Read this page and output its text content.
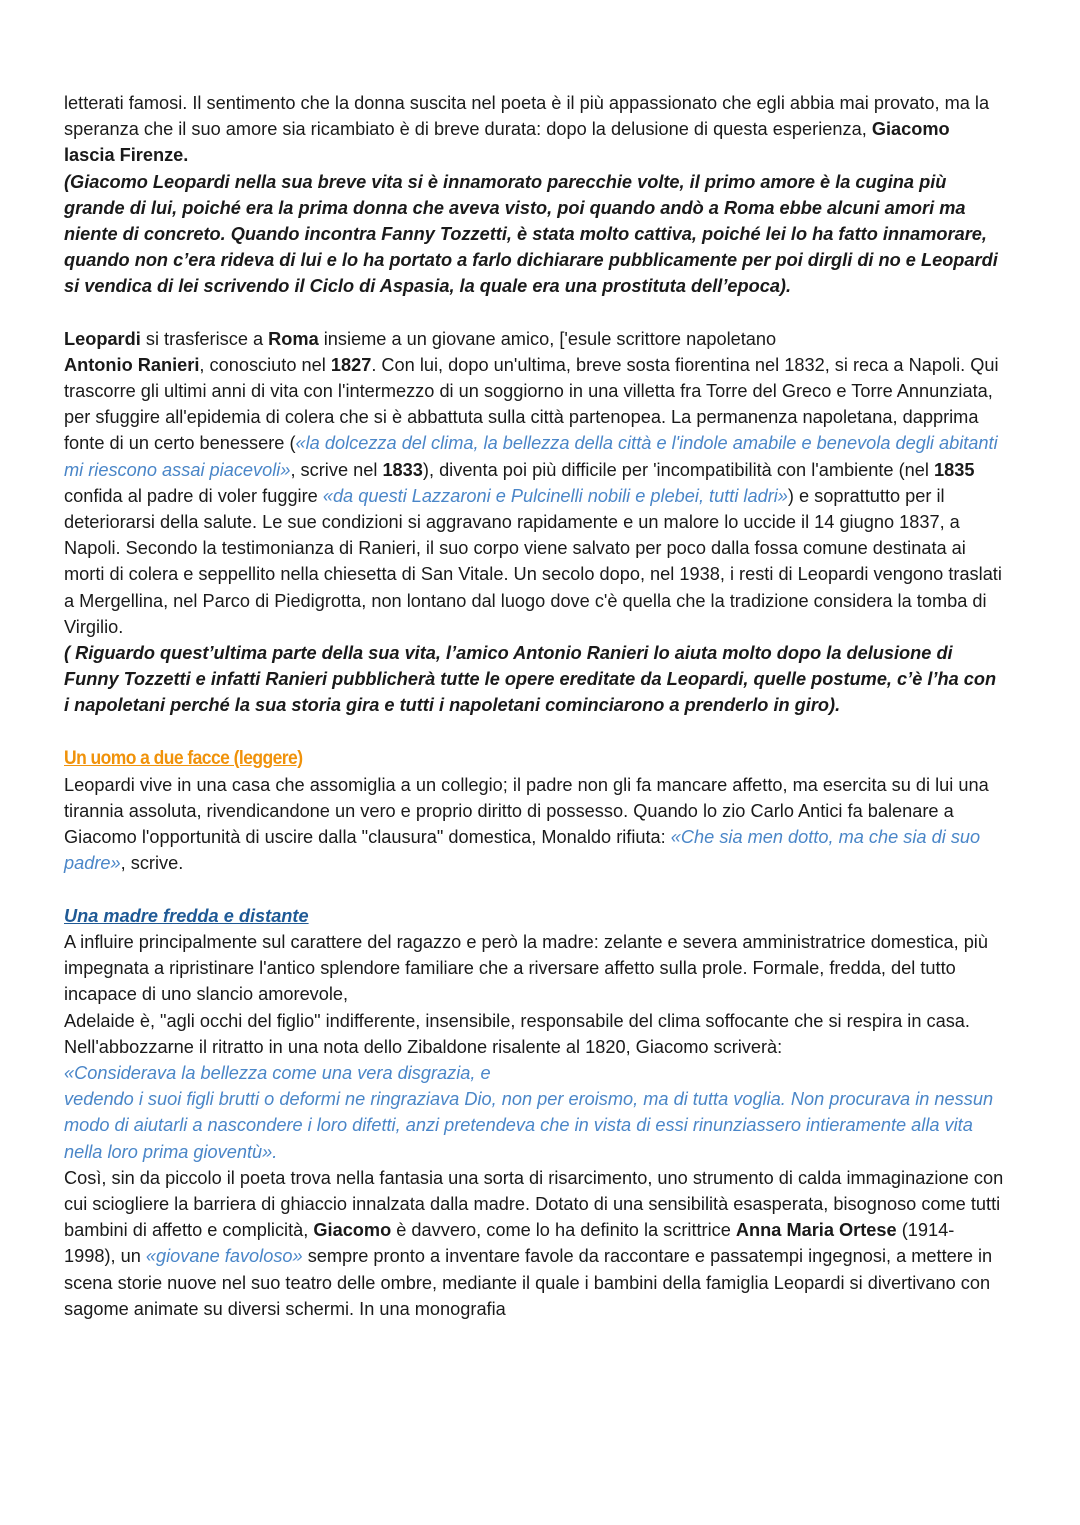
letterati famosi. Il sentimento che la donna suscita nel poeta è il più appassionato che egli abbia mai provato, ma la speranza che il suo amore sia ricambiato è di breve durata: dopo la delusione di questa esperienza, Giacomo lascia Firenze.

(Giacomo Leopardi nella sua breve vita si è innamorato parecchie volte, il primo amore è la cugina più grande di lui, poiché era la prima donna che aveva visto, poi quando andò a Roma ebbe alcuni amori ma niente di concreto. Quando incontra Fanny Tozzetti, è stata molto cattiva, poiché lei lo ha fatto innamorare, quando non c’era rideva di lui e lo ha portato a farlo dichiarare pubblicamente per poi dirgli di no e Leopardi si vendica di lei scrivendo il Ciclo di Aspasia, la quale era una prostituta dell’epoca).

Leopardi si trasferisce a Roma insieme a un giovane amico, ['esule scrittore napoletano
Antonio Ranieri, conosciuto nel 1827. Con lui, dopo un'ultima, breve sosta fiorentina nel 1832, si reca a Napoli. Qui trascorre gli ultimi anni di vita con l'intermezzo di un soggiorno in una villetta fra Torre del Greco e Torre Annunziata, per sfuggire all'epidemia di colera che si è abbattuta sulla città partenopea. La permanenza napoletana, dapprima fonte di un certo benessere («la dolcezza del clima, la bellezza della città e l'indole amabile e benevola degli abitanti mi riescono assai piacevoli», scrive nel 1833), diventa poi più difficile per 'incompatibilità con l'ambiente (nel 1835 confida al padre di voler fuggire «da questi Lazzaroni e Pulcinelli nobili e plebei, tutti ladri») e soprattutto per il deteriorarsi della salute. Le sue condizioni si aggravano rapidamente e un malore lo uccide il 14 giugno 1837, a Napoli. Secondo la testimonianza di Ranieri, il suo corpo viene salvato per poco dalla fossa comune destinata ai morti di colera e seppellito nella chiesetta di San Vitale. Un secolo dopo, nel 1938, i resti di Leopardi vengono traslati a Mergellina, nel Parco di Piedigrotta, non lontano dal luogo dove c'è quella che la tradizione considera la tomba di Virgilio.

( Riguardo quest’ultima parte della sua vita, l’amico Antonio Ranieri lo aiuta molto dopo la delusione di Funny Tozzetti e infatti Ranieri pubblicherà tutte le opere ereditate da Leopardi, quelle postume, c’è l’ha con i napoletani perché la sua storia gira e tutti i napoletani cominciarono a prenderlo in giro).

Un uomo a due facce (leggere)

Leopardi vive in una casa che assomiglia a un collegio; il padre non gli fa mancare affetto, ma esercita su di lui una tirannia assoluta, rivendicandone un vero e proprio diritto di possesso. Quando lo zio Carlo Antici fa balenare a Giacomo l'opportunità di uscire dalla "clausura" domestica, Monaldo rifiuta: «Che sia men dotto, ma che sia di suo padre», scrive.

Una madre fredda e distante

A influire principalmente sul carattere del ragazzo e però la madre: zelante e severa amministratrice domestica, più impegnata a ripristinare l'antico splendore familiare che a riversare affetto sulla prole. Formale, fredda, del tutto incapace di uno slancio amorevole,

Adelaide è, "agli occhi del figlio" indifferente, insensibile, responsabile del clima soffocante che si respira in casa. Nell'abbozzarne il ritratto in una nota dello Zibaldone risalente al 1820, Giacomo scriverà:

«Considerava la bellezza come una vera disgrazia, e

vedendo i suoi figli brutti o deformi ne ringraziava Dio, non per eroismo, ma di tutta voglia. Non procurava in nessun modo di aiutarli a nascondere i loro difetti, anzi pretendeva che in vista di essi rinunziassero intieramente alla vita nella loro prima gioventù».

Così, sin da piccolo il poeta trova nella fantasia una sorta di risarcimento, uno strumento di calda immaginazione con cui sciogliere la barriera di ghiaccio innalzata dalla madre. Dotato di una sensibilità esasperata, bisognoso come tutti bambini di affetto e complicità, Giacomo è davvero, come lo ha definito la scrittrice Anna Maria Ortese (1914-1998), un «giovane favoloso» sempre pronto a inventare favole da raccontare e passatempi ingegnosi, a mettere in scena storie nuove nel suo teatro delle ombre, mediante il quale i bambini della famiglia Leopardi si divertivano con sagome animate su diversi schermi. In una monografia
